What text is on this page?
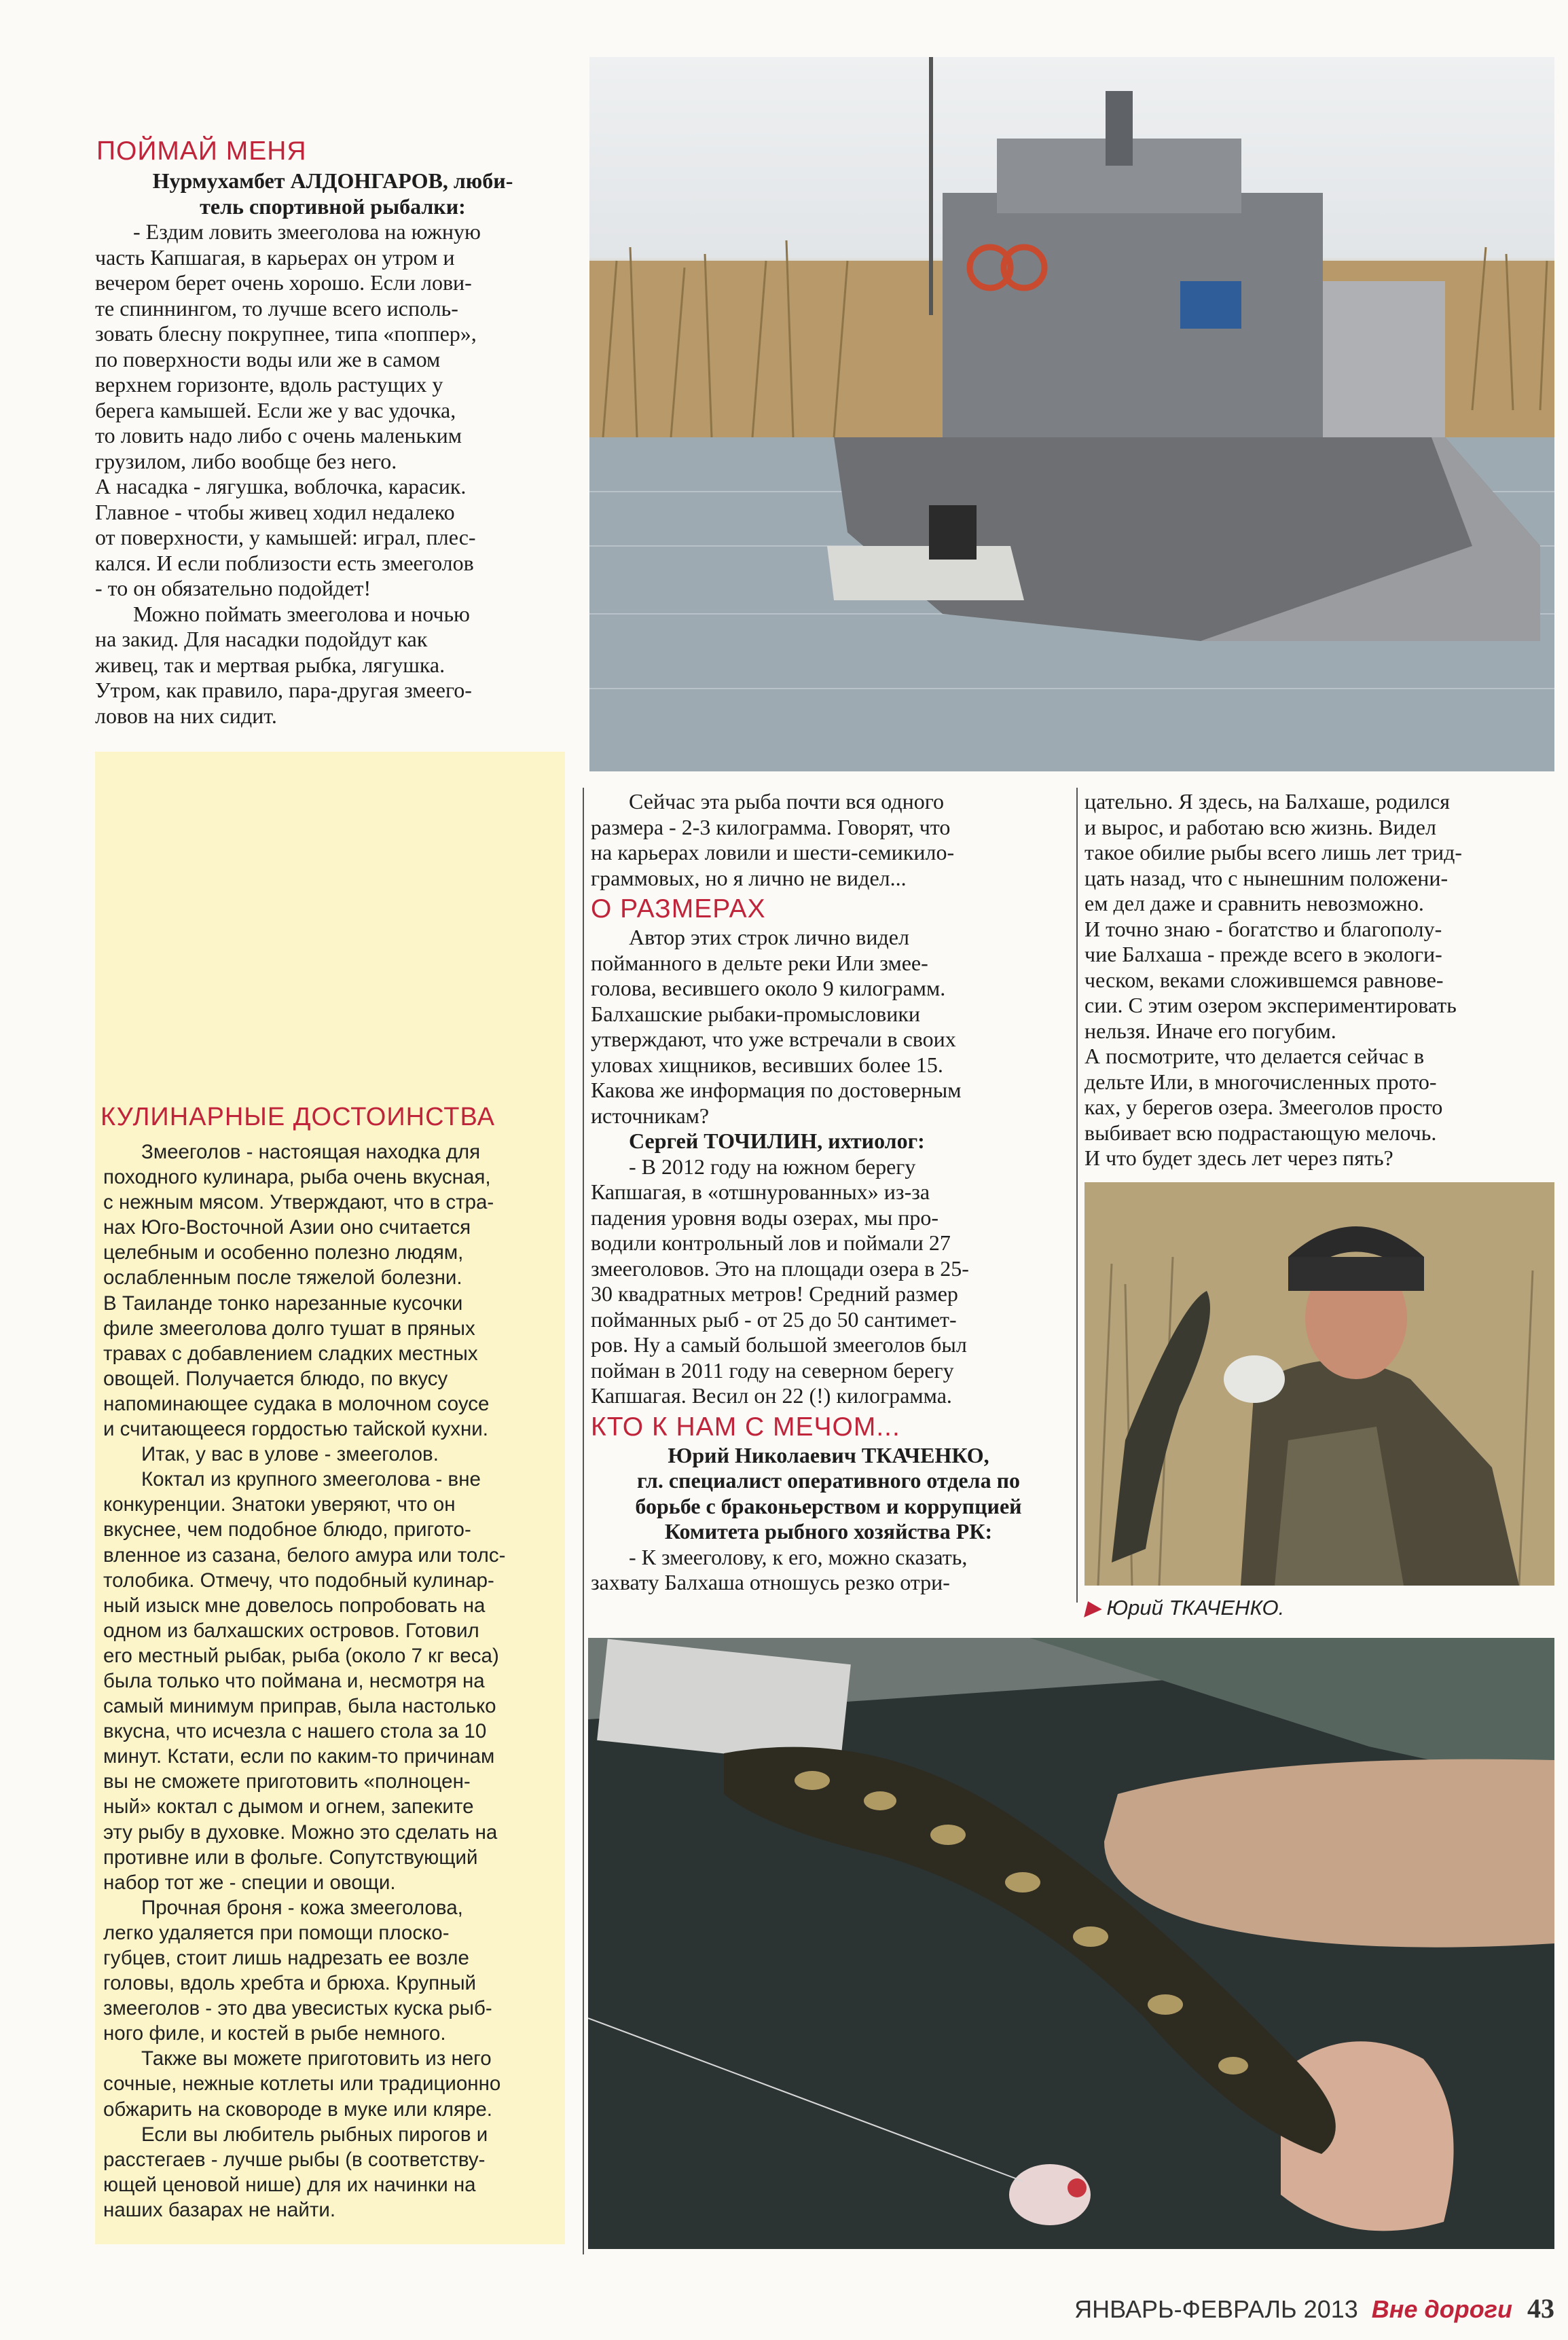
ПОЙМАЙ МЕНЯ

Нурмухамбет АЛДОНГАРОВ, люби-

тель спортивной рыбалки:

- Ездим ловить змееголова на южную

часть Капшагая, в карьерах он утром и

вечером берет очень хорошо. Если лови-

те спиннингом, то лучше всего исполь-

зовать блесну покрупнее, типа «поппер»,

по поверхности воды или же в самом

верхнем горизонте, вдоль растущих у

берега камышей. Если же у вас удочка,

то ловить надо либо с очень маленьким

грузилом, либо вообще без него.

А насадка - лягушка, воблочка, карасик.

Главное - чтобы живец ходил недалеко

от поверхности, у камышей: играл, плес-

кался. И если поблизости есть змееголов

- то он обязательно подойдет!

Можно поймать змееголова и ночью

на закид. Для насадки подойдут как

живец, так и мертвая рыбка, лягушка.

Утром, как правило, пара-другая змеего-

ловов на них сидит.

КУЛИНАРНЫЕ ДОСТОИНСТВА

Змееголов - настоящая находка для

походного кулинара, рыба очень вкусная,

с нежным мясом. Утверждают, что в стра-

нах Юго-Восточной Азии оно считается

целебным и особенно полезно людям,

ослабленным после тяжелой болезни.

В Таиланде тонко нарезанные кусочки

филе змееголова долго тушат в пряных

травах с добавлением сладких местных

овощей. Получается блюдо, по вкусу

напоминающее судака в молочном соусе

и считающееся гордостью тайской кухни.

Итак, у вас в улове - змееголов.

Коктал из крупного змееголова - вне

конкуренции. Знатоки уверяют, что он

вкуснее, чем подобное блюдо, пригото-

вленное из сазана, белого амура или толс-

толобика. Отмечу, что подобный кулинар-

ный изыск мне довелось попробовать на

одном из балхашских островов. Готовил

его местный рыбак, рыба (около 7 кг веса)

была только что поймана и, несмотря на

самый минимум приправ, была настолько

вкусна, что исчезла с нашего стола за 10

минут. Кстати, если по каким-то причинам

вы не сможете приготовить «полноцен-

ный» коктал с дымом и огнем, запеките

эту рыбу в духовке. Можно это сделать на

противне или в фольге. Сопутствующий

набор тот же - специи и овощи.

Прочная броня - кожа змееголова,

легко удаляется при помощи плоско-

губцев, стоит лишь надрезать ее возле

головы, вдоль хребта и брюха. Крупный

змееголов - это два увесистых куска рыб-

ного филе, и костей в рыбе немного.

Также вы можете приготовить из него

сочные, нежные котлеты или традиционно

обжарить на сковороде в муке или кляре.

Если вы любитель рыбных пирогов и

расстегаев - лучше рыбы (в соответству-

ющей ценовой нише) для их начинки на

наших базарах не найти.

Сейчас эта рыба почти вся одного

размера - 2-3 килограмма. Говорят, что

на карьерах ловили и шести-семикило-

граммовых, но я лично не видел...

О РАЗМЕРАХ

Автор этих строк лично видел

пойманного в дельте реки Или змее-

голова, весившего около 9 килограмм.

Балхашские рыбаки-промысловики

утверждают, что уже встречали в своих

уловах хищников, весивших более 15.

Какова же информация по достоверным

источникам?

Сергей ТОЧИЛИН, ихтиолог:

- В 2012 году на южном берегу

Капшагая, в «отшнурованных» из-за

падения уровня воды озерах, мы про-

водили контрольный лов и поймали 27

змееголовов. Это на площади озера в 25-

30 квадратных метров! Средний размер

пойманных рыб - от 25 до 50 сантимет-

ров. Ну а самый большой змееголов был

пойман в 2011 году на северном берегу

Капшагая. Весил он 22 (!) килограмма.

КТО К НАМ С МЕЧОМ...

Юрий Николаевич ТКАЧЕНКО,

гл. специалист оперативного отдела по

борьбе с браконьерством и коррупцией

Комитета рыбного хозяйства РК:

- К змееголову, к его, можно сказать,

захвату Балхаша отношусь резко отри-

цательно. Я здесь, на Балхаше, родился

и вырос, и работаю всю жизнь. Видел

такое обилие рыбы всего лишь лет трид-

цать назад, что с нынешним положени-

ем дел даже и сравнить невозможно.

И точно знаю - богатство и благополу-

чие Балхаша - прежде всего в экологи-

ческом, веками сложившемся равнове-

сии. С этим озером экспериментировать

нельзя. Иначе его погубим.

А посмотрите, что делается сейчас в

дельте Или, в многочисленных прото-

ках, у берегов озера. Змееголов просто

выбивает всю подрастающую мелочь.

И что будет здесь лет через пять?

▶ Юрий ТКАЧЕНКО.
ЯНВАРЬ-ФЕВРАЛЬ 2013 Вне дороги 43
